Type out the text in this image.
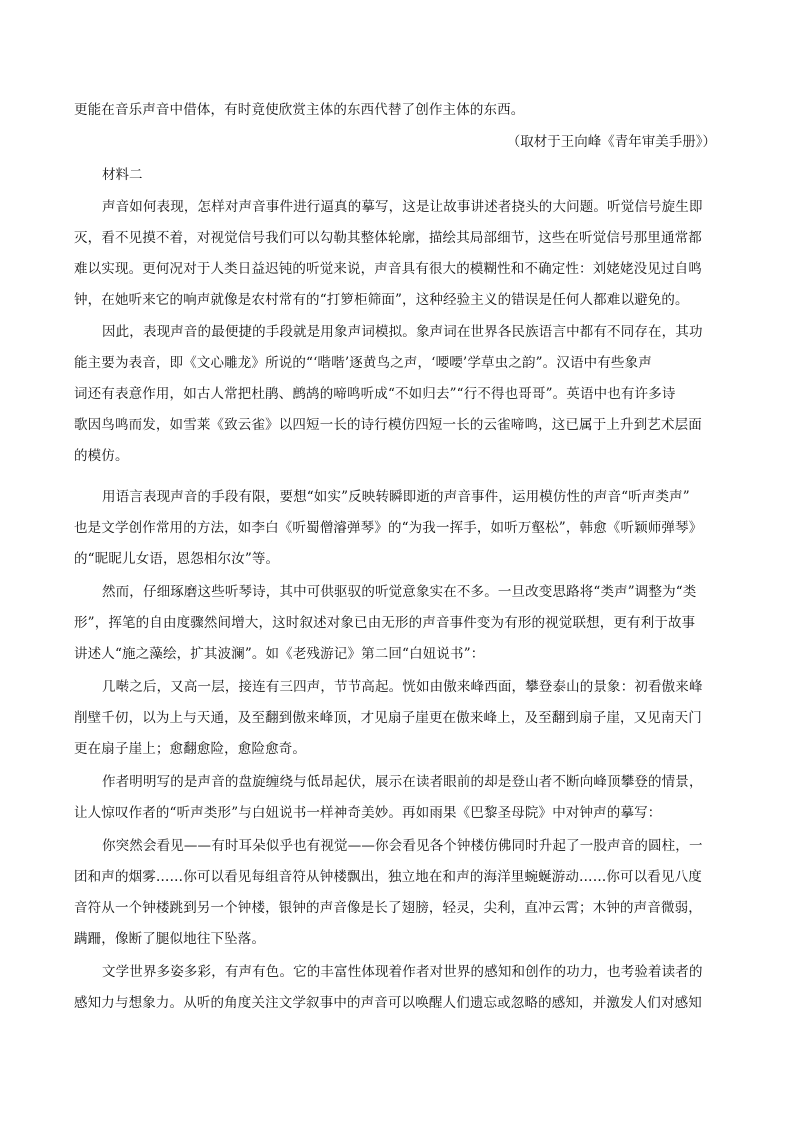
更能在音乐声音中借体，有时竟使欣赏主体的东西代替了创作主体的东西。
（取材于王向峰《青年审美手册》）
材料二
声音如何表现，怎样对声音事件进行逼真的摹写，这是让故事讲述者挠头的大问题。听觉信号旋生即
灭，看不见摸不着，对视觉信号我们可以勾勒其整体轮廓，描绘其局部细节，这些在听觉信号那里通常都
难以实现。更何况对于人类日益迟钝的听觉来说，声音具有很大的模糊性和不确定性：刘姥姥没见过自鸣
钟，在她听来它的响声就像是农村常有的“打箩柜筛面”，这种经验主义的错误是任何人都难以避免的。
因此，表现声音的最便捷的手段就是用象声词模拟。象声词在世界各民族语言中都有不同存在，其功
能主要为表音，即《文心雕龙》所说的“‘喈喈’逐黄鸟之声，‘喓喓’学草虫之韵”。汉语中有些象声
词还有表意作用，如古人常把杜鹃、鹧鸪的啼鸣听成“不如归去”“行不得也哥哥”。英语中也有许多诗
歌因鸟鸣而发，如雪莱《致云雀》以四短一长的诗行模仿四短一长的云雀啼鸣，这已属于上升到艺术层面
的模仿。
用语言表现声音的手段有限，要想“如实”反映转瞬即逝的声音事件，运用模仿性的声音“听声类声”
也是文学创作常用的方法，如李白《听蜀僧濬弹琴》的“为我一挥手，如听万壑松”，韩愈《听颖师弹琴》
的“昵昵儿女语，恩怨相尔汝”等。
然而，仔细琢磨这些听琴诗，其中可供驱驭的听觉意象实在不多。一旦改变思路将“类声”调整为“类
形”，挥笔的自由度骤然间增大，这时叙述对象已由无形的声音事件变为有形的视觉联想，更有利于故事
讲述人“施之藻绘，扩其波澜”。如《老残游记》第二回“白妞说书”：
几啭之后，又高一层，接连有三四声，节节高起。恍如由傲来峰西面，攀登泰山的景象：初看傲来峰
削壁千仞，以为上与天通，及至翻到傲来峰顶，才见扇子崖更在傲来峰上，及至翻到扇子崖，又见南天门
更在扇子崖上；愈翻愈险，愈险愈奇。
作者明明写的是声音的盘旋缠绕与低昂起伏，展示在读者眼前的却是登山者不断向峰顶攀登的情景，
让人惊叹作者的“听声类形”与白妞说书一样神奇美妙。再如雨果《巴黎圣母院》中对钟声的摹写：
你突然会看见——有时耳朵似乎也有视觉——你会看见各个钟楼仿佛同时升起了一股声音的圆柱，一
团和声的烟雾……你可以看见每组音符从钟楼飘出，独立地在和声的海洋里蜿蜒游动……你可以看见八度
音符从一个钟楼跳到另一个钟楼，银钟的声音像是长了翅膀，轻灵，尖利，直冲云霄；木钟的声音微弱，
蹒跚，像断了腿似地往下坠落。
文学世界多姿多彩，有声有色。它的丰富性体现着作者对世界的感知和创作的功力，也考验着读者的
感知力与想象力。从听的角度关注文学叙事中的声音可以唤醒人们遗忘或忽略的感知，并激发人们对感知
